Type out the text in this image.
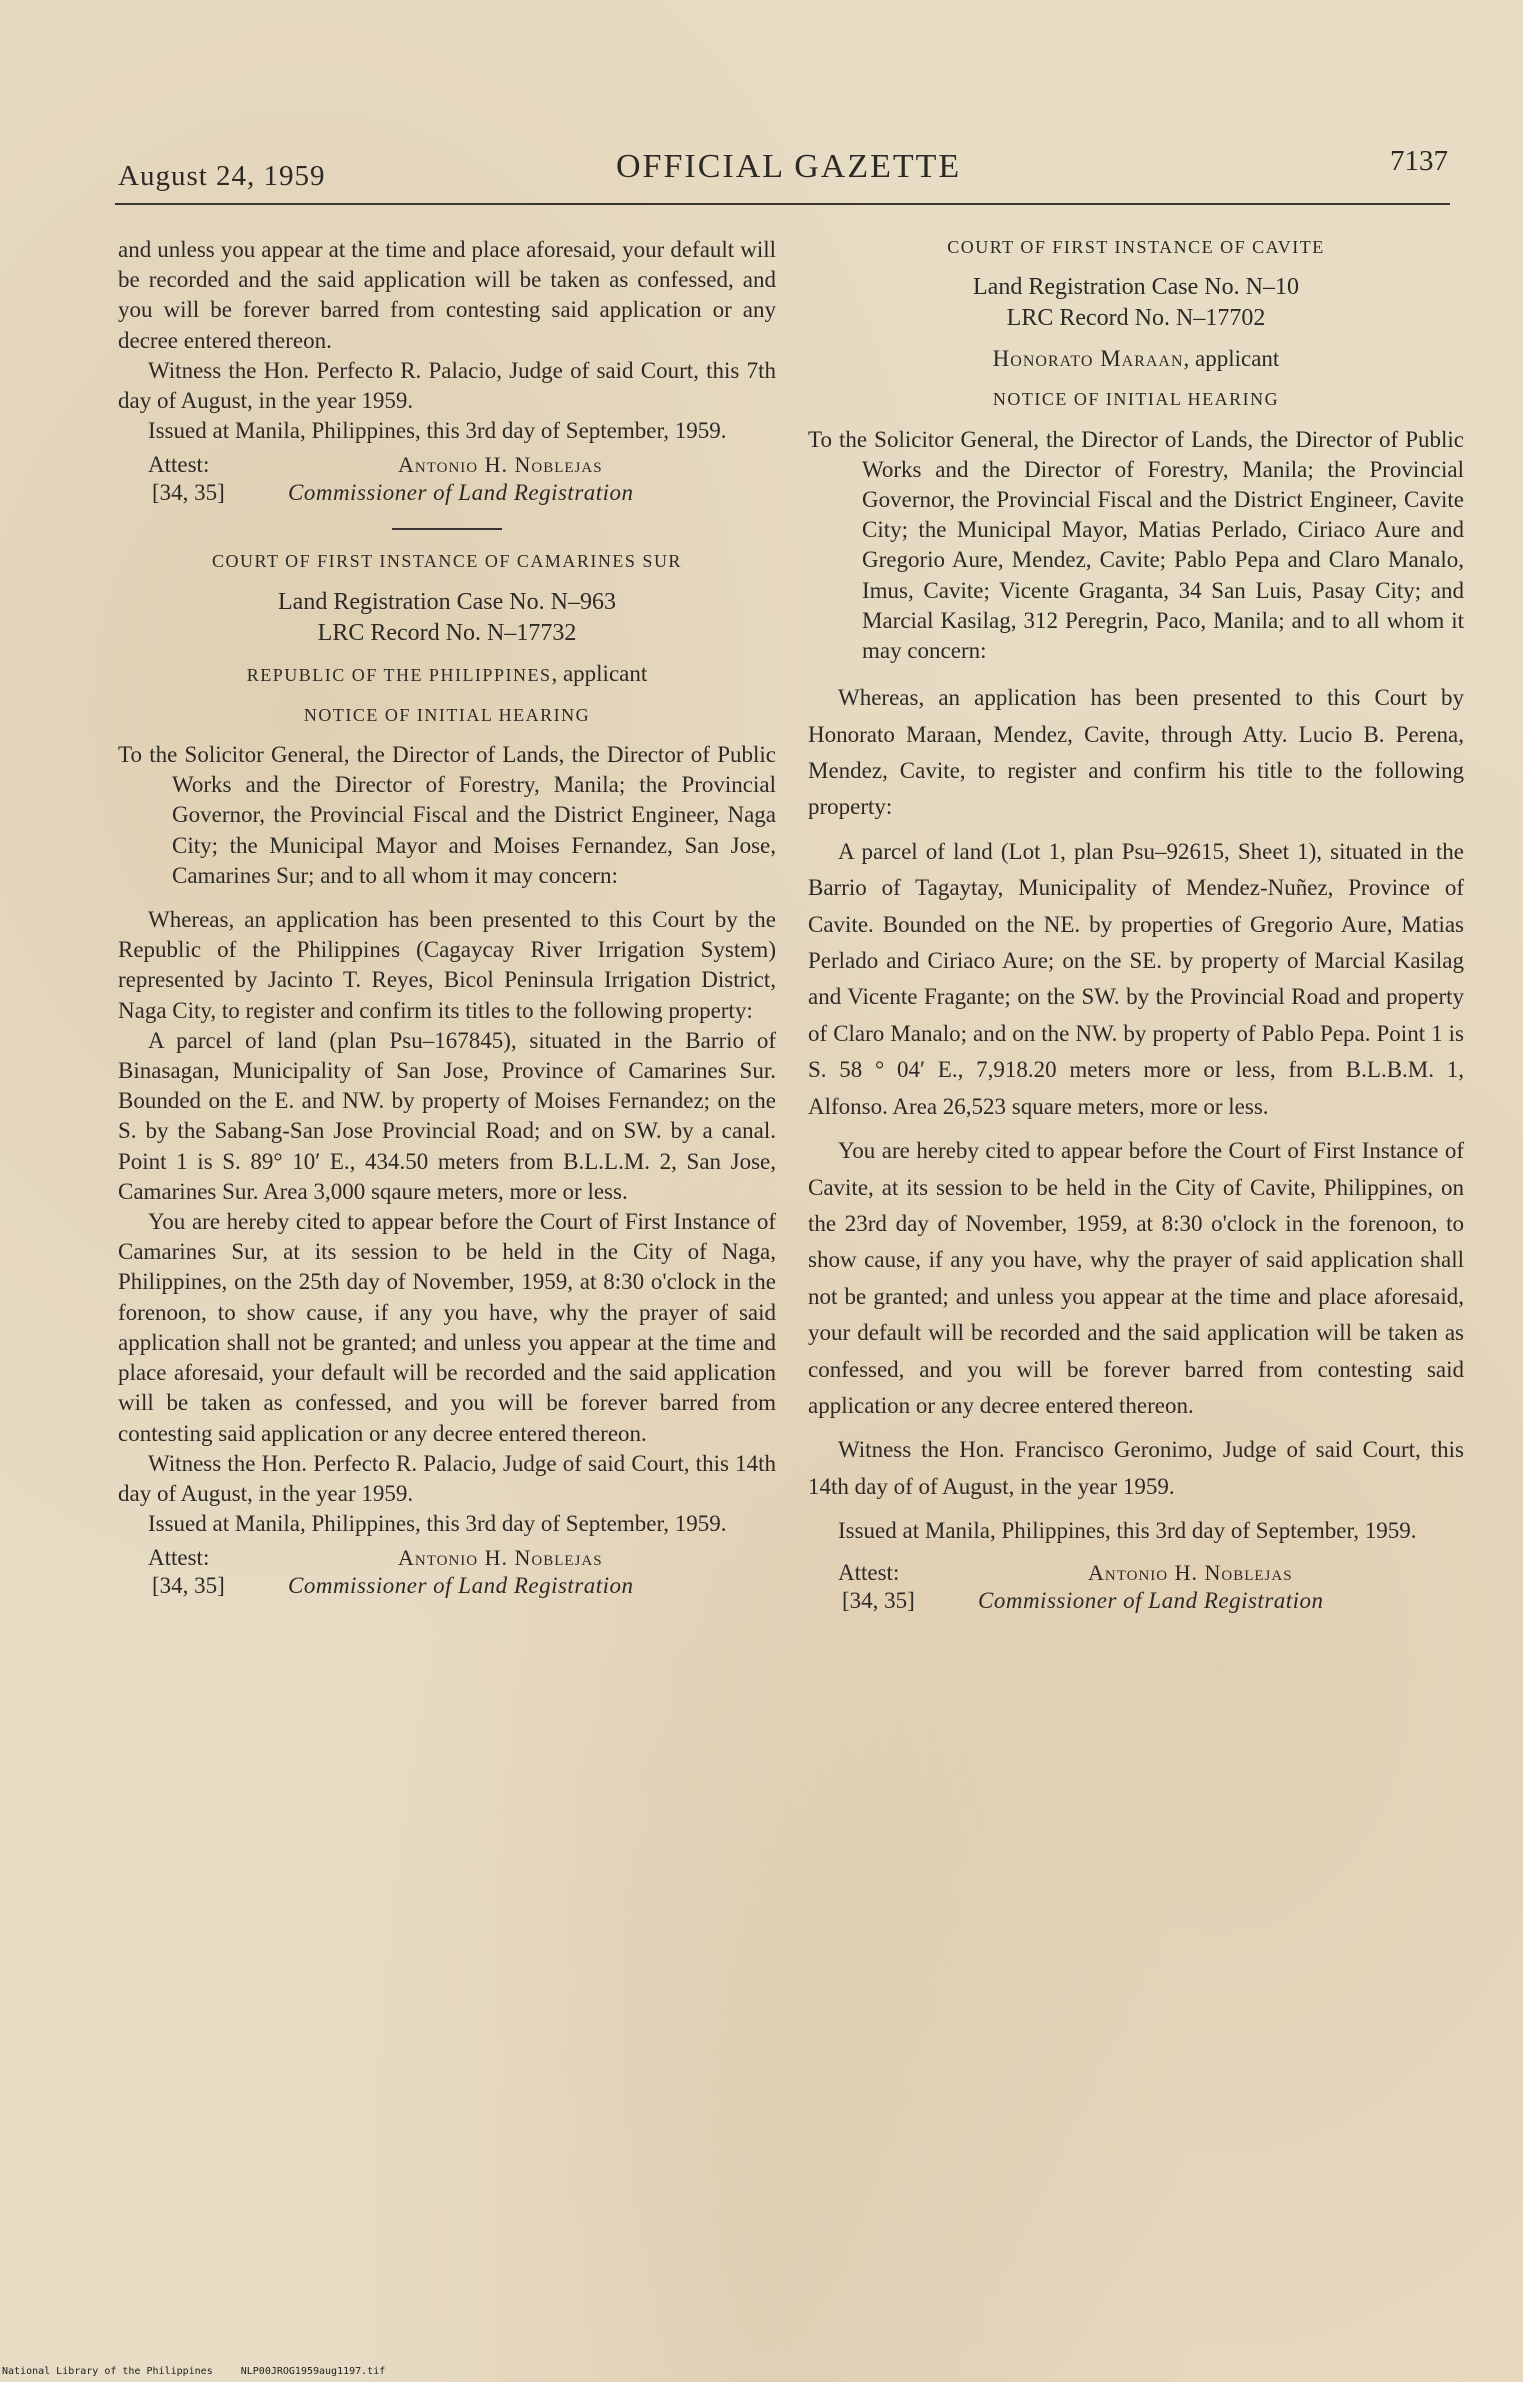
August 24, 1959	OFFICIAL GAZETTE	7137

and unless you appear at the time and place aforesaid, your default will be recorded and the said application will be taken as confessed, and you will be forever barred from contesting said application or any decree entered thereon.

Witness the Hon. Perfecto R. Palacio, Judge of said Court, this 7th day of August, in the year 1959.

Issued at Manila, Philippines, this 3rd day of September, 1959.

Attest:	Antonio H. Noblejas
[34, 35]	Commissioner of Land Registration
COURT OF FIRST INSTANCE OF CAMARINES SUR
Land Registration Case No. N–963
LRC Record No. N–17732
REPUBLIC OF THE PHILIPPINES, applicant
NOTICE OF INITIAL HEARING

To the Solicitor General, the Director of Lands, the Director of Public Works and the Director of Forestry, Manila; the Provincial Governor, the Provincial Fiscal and the District Engineer, Naga City; the Municipal Mayor and Moises Fernandez, San Jose, Camarines Sur; and to all whom it may concern:

Whereas, an application has been presented to this Court by the Republic of the Philippines (Cagaycay River Irrigation System) represented by Jacinto T. Reyes, Bicol Peninsula Irrigation District, Naga City, to register and confirm its titles to the following property:

A parcel of land (plan Psu–167845), situated in the Barrio of Binasagan, Municipality of San Jose, Province of Camarines Sur. Bounded on the E. and NW. by property of Moises Fernandez; on the S. by the Sabang-San Jose Provincial Road; and on SW. by a canal. Point 1 is S. 89° 10′ E., 434.50 meters from B.L.L.M. 2, San Jose, Camarines Sur. Area 3,000 sqaure meters, more or less.

You are hereby cited to appear before the Court of First Instance of Camarines Sur, at its session to be held in the City of Naga, Philippines, on the 25th day of November, 1959, at 8:30 o'clock in the forenoon, to show cause, if any you have, why the prayer of said application shall not be granted; and unless you appear at the time and place aforesaid, your default will be recorded and the said application will be taken as confessed, and you will be forever barred from contesting said application or any decree entered thereon.

Witness the Hon. Perfecto R. Palacio, Judge of said Court, this 14th day of August, in the year 1959.

Issued at Manila, Philippines, this 3rd day of September, 1959.

Attest:	Antonio H. Noblejas
[34, 35]	Commissioner of Land Registration
COURT OF FIRST INSTANCE OF CAVITE
Land Registration Case No. N–10
LRC Record No. N–17702
Honorato Maraan, applicant
NOTICE OF INITIAL HEARING

To the Solicitor General, the Director of Lands, the Director of Public Works and the Director of Forestry, Manila; the Provincial Governor, the Provincial Fiscal and the District Engineer, Cavite City; the Municipal Mayor, Matias Perlado, Ciriaco Aure and Gregorio Aure, Mendez, Cavite; Pablo Pepa and Claro Manalo, Imus, Cavite; Vicente Graganta, 34 San Luis, Pasay City; and Marcial Kasilag, 312 Peregrin, Paco, Manila; and to all whom it may concern:

Whereas, an application has been presented to this Court by Honorato Maraan, Mendez, Cavite, through Atty. Lucio B. Perena, Mendez, Cavite, to register and confirm his title to the following property:

A parcel of land (Lot 1, plan Psu–92615, Sheet 1), situated in the Barrio of Tagaytay, Municipality of Mendez-Nuñez, Province of Cavite. Bounded on the NE. by properties of Gregorio Aure, Matias Perlado and Ciriaco Aure; on the SE. by property of Marcial Kasilag and Vicente Fragante; on the SW. by the Provincial Road and property of Claro Manalo; and on the NW. by property of Pablo Pepa. Point 1 is S. 58 ° 04′ E., 7,918.20 meters more or less, from B.L.B.M. 1, Alfonso. Area 26,523 square meters, more or less.

You are hereby cited to appear before the Court of First Instance of Cavite, at its session to be held in the City of Cavite, Philippines, on the 23rd day of November, 1959, at 8:30 o'clock in the forenoon, to show cause, if any you have, why the prayer of said application shall not be granted; and unless you appear at the time and place aforesaid, your default will be recorded and the said application will be taken as confessed, and you will be forever barred from contesting said application or any decree entered thereon.

Witness the Hon. Francisco Geronimo, Judge of said Court, this 14th day of of August, in the year 1959.

Issued at Manila, Philippines, this 3rd day of September, 1959.

Attest:	Antonio H. Noblejas
[34, 35]	Commissioner of Land Registration
National Library of the Philippines	NLP00JROG1959aug1197.tif
